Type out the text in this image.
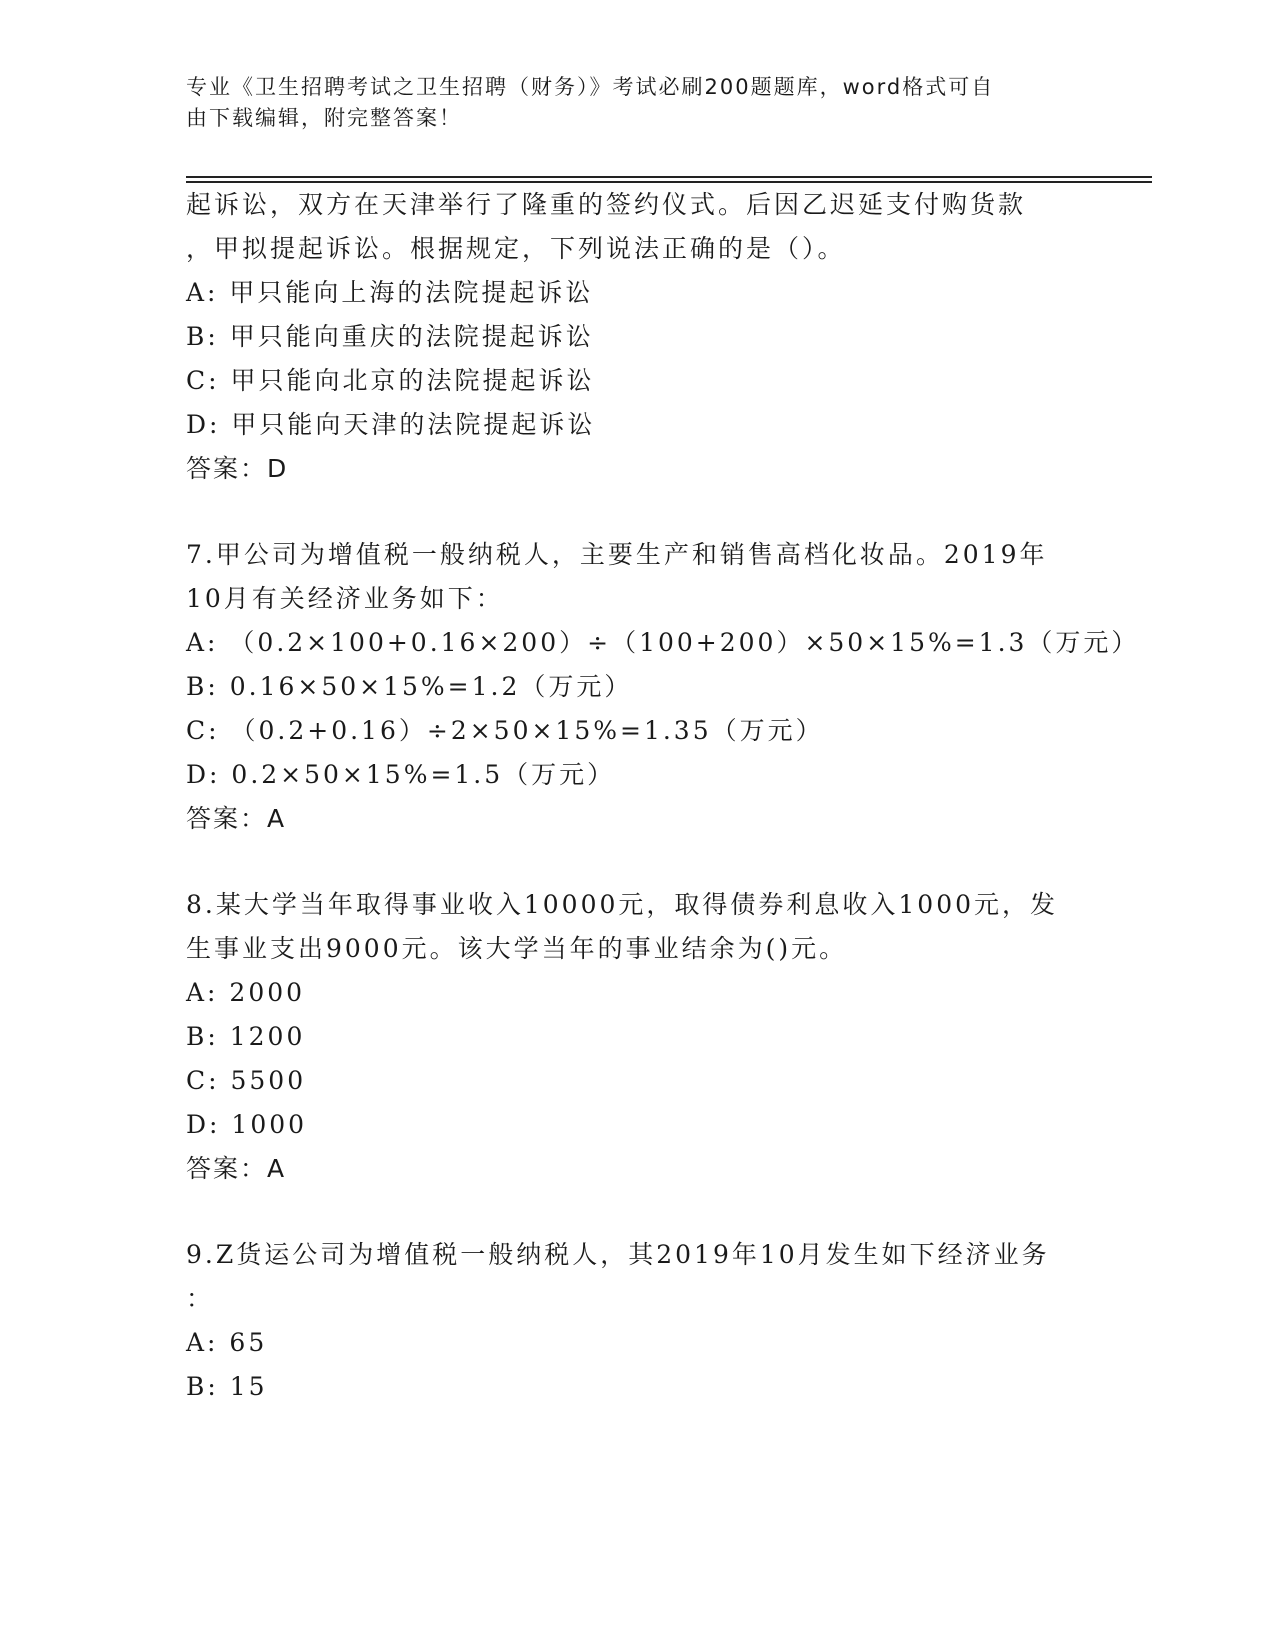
专业《卫生招聘考试之卫生招聘（财务）》考试必刷200题题库，word格式可自
由下载编辑，附完整答案！
起诉讼，双方在天津举行了隆重的签约仪式。后因乙迟延支付购货款
，甲拟提起诉讼。根据规定，下列说法正确的是（）。
A: 甲只能向上海的法院提起诉讼
B: 甲只能向重庆的法院提起诉讼
C: 甲只能向北京的法院提起诉讼
D: 甲只能向天津的法院提起诉讼
答案：D
7.甲公司为增值税一般纳税人，主要生产和销售高档化妆品。2019年
10月有关经济业务如下：
A: （0.2×100+0.16×200）÷（100+200）×50×15%=1.3（万元）
B: 0.16×50×15%=1.2（万元）
C: （0.2+0.16）÷2×50×15%=1.35（万元）
D: 0.2×50×15%=1.5（万元）
答案：A
8.某大学当年取得事业收入10000元，取得债券利息收入1000元，发
生事业支出9000元。该大学当年的事业结余为()元。
A: 2000
B: 1200
C: 5500
D: 1000
答案：A
9.Z货运公司为增值税一般纳税人，其2019年10月发生如下经济业务
：
A: 65
B: 15
